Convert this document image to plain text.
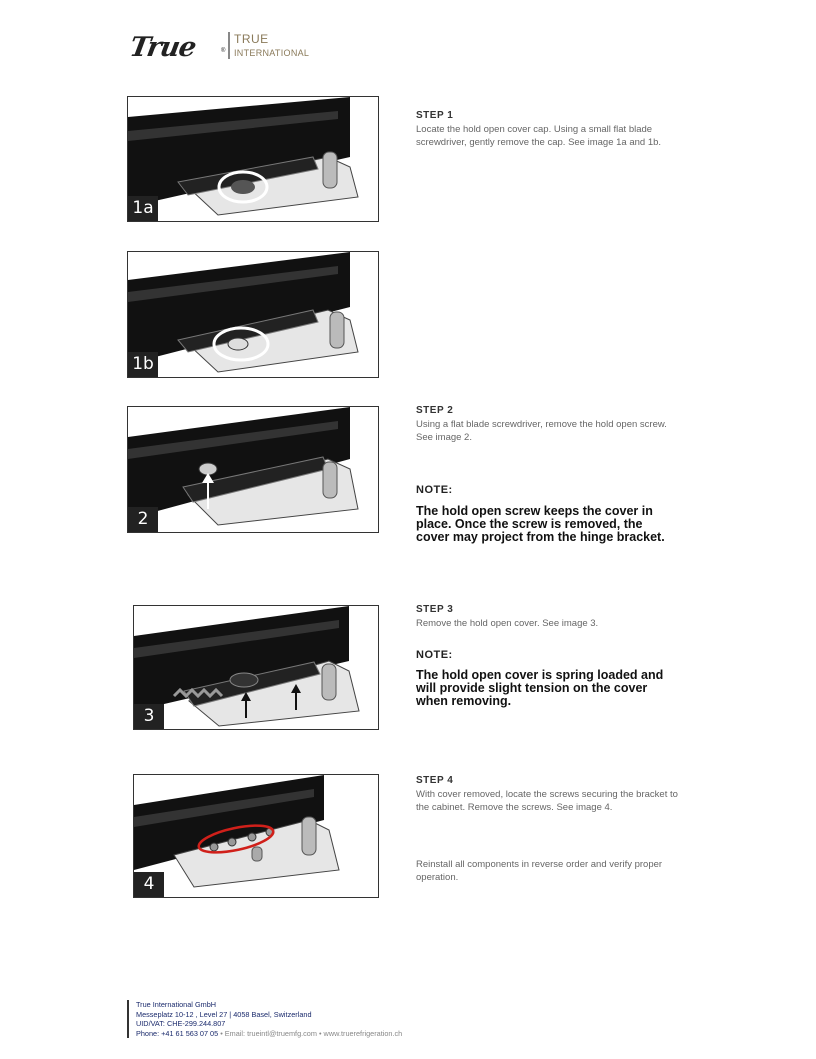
True	®
TRUE
INTERNATIONAL
1a
1b

STEP 1

Locate the hold open cover cap. Using a small flat blade screwdriver, gently remove the cap. See image 1a and 1b.

2

STEP 2

Using a flat blade screwdriver, remove the hold open screw. See image 2.

NOTE:
The hold open screw keeps the cover in place. Once the screw is removed, the cover may project from the hinge bracket.
3

STEP 3

Remove the hold open cover. See image 3.

NOTE:
The hold open cover is spring loaded and will provide slight tension on the cover when removing.
4

STEP 4

With cover removed, locate the screws securing the bracket to the cabinet. Remove the screws. See image 4.

Reinstall all components in reverse order and verify proper operation.
True International GmbH
Messeplatz 10-12 , Level 27 | 4058 Basel, Switzerland
UID/VAT: CHE-299.244.807
Phone: +41 61 563 07 05 • Email: trueintl@truemfg.com • www.truerefrigeration.ch
